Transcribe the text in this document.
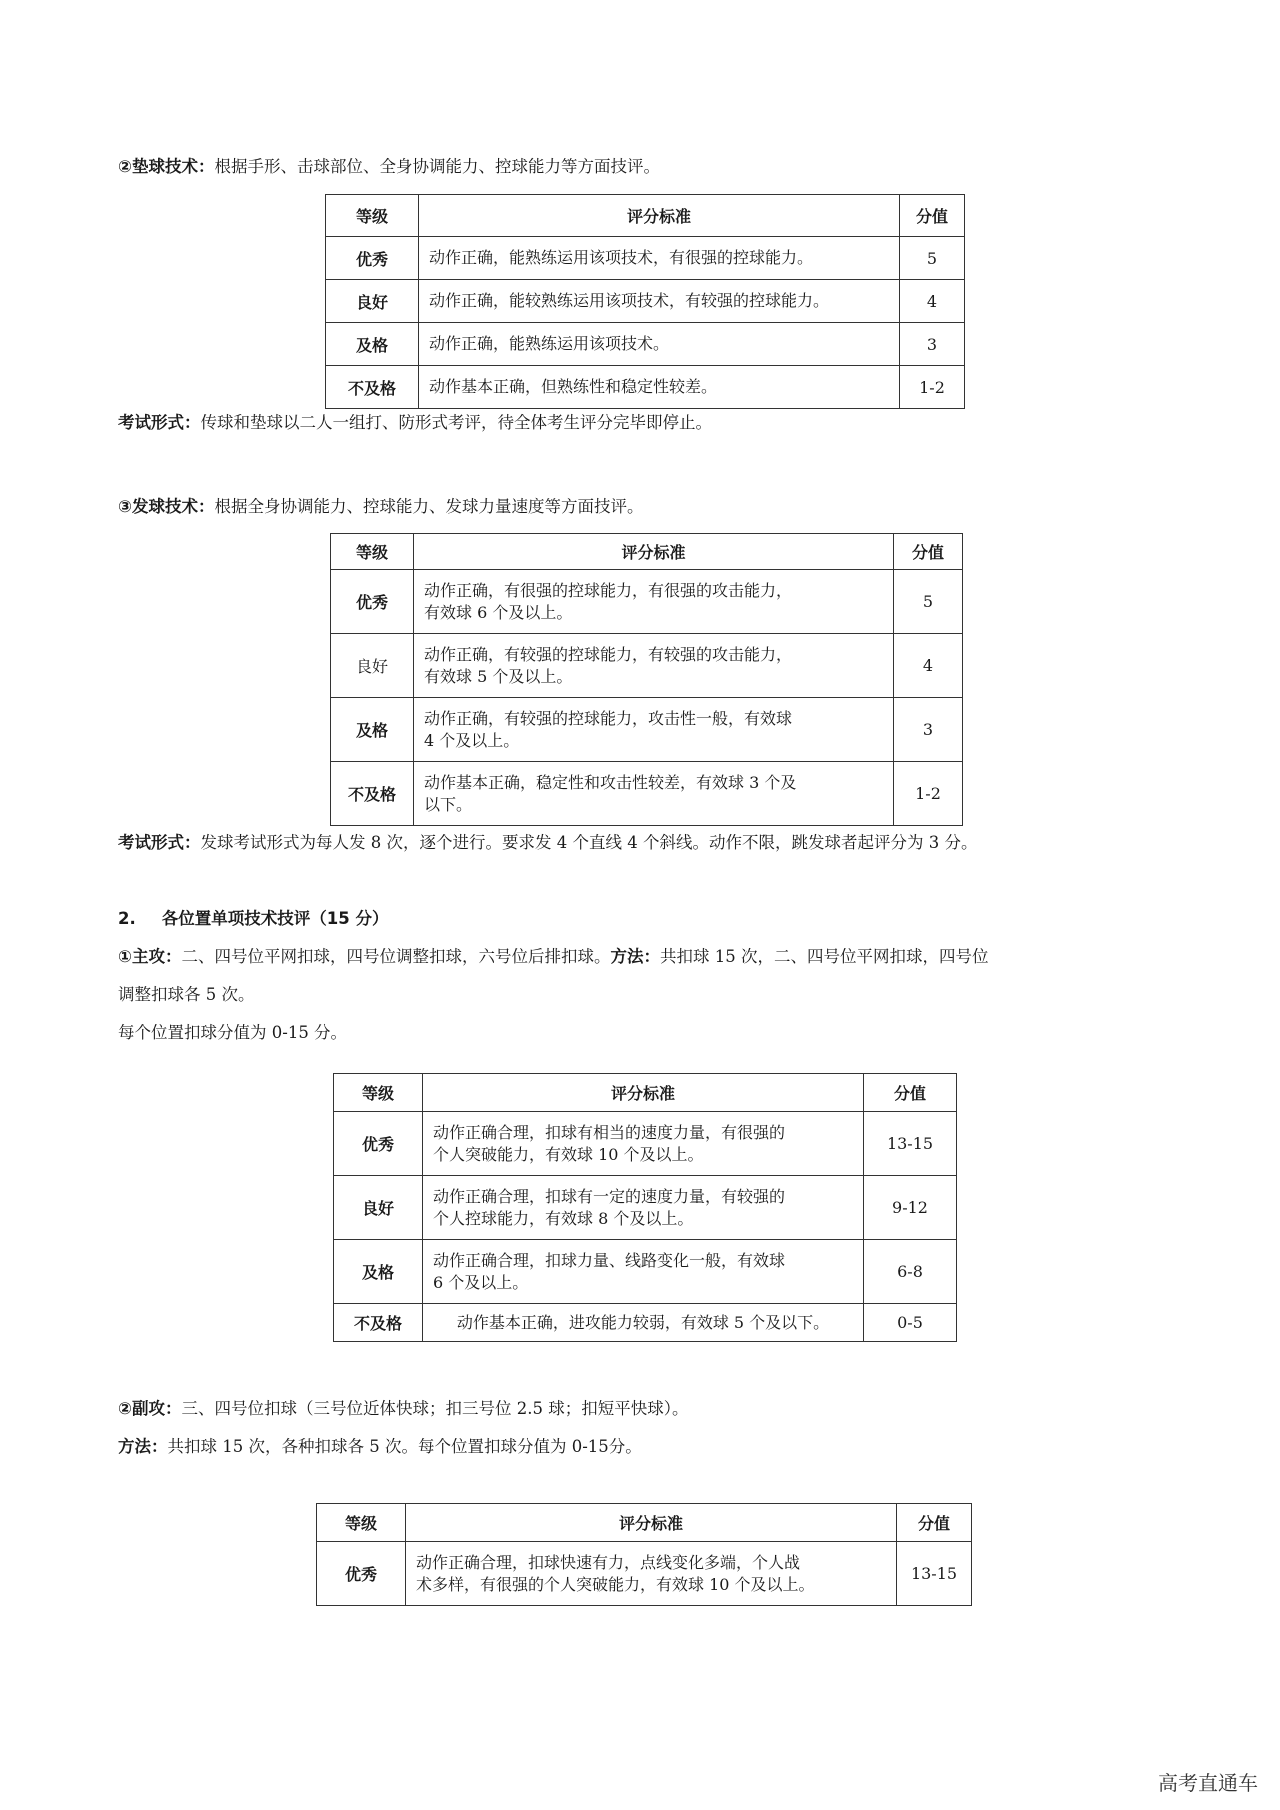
②垫球技术：根据手形、击球部位、全身协调能力、控球能力等方面技评。
等级	评分标准	分值
优秀	动作正确，能熟练运用该项技术，有很强的控球能力。	5
良好	动作正确，能较熟练运用该项技术，有较强的控球能力。	4
及格	动作正确，能熟练运用该项技术。	3
不及格	动作基本正确，但熟练性和稳定性较差。	1-2
考试形式：传球和垫球以二人一组打、防形式考评，待全体考生评分完毕即停止。
③发球技术：根据全身协调能力、控球能力、发球力量速度等方面技评。
等级	评分标准	分值
优秀	动作正确，有很强的控球能力，有很强的攻击能力，
有效球 6 个及以上。	5
良好	动作正确，有较强的控球能力，有较强的攻击能力，
有效球 5 个及以上。	4
及格	动作正确，有较强的控球能力，攻击性一般，有效球
4 个及以上。	3
不及格	动作基本正确，稳定性和攻击性较差，有效球 3 个及
以下。	1-2
考试形式：发球考试形式为每人发 8 次，逐个进行。要求发 4 个直线 4 个斜线。动作不限，跳发球者起评分为 3 分。
2. 各位置单项技术技评（15 分）
①主攻：二、四号位平网扣球，四号位调整扣球，六号位后排扣球。方法：共扣球 15 次，二、四号位平网扣球，四号位
调整扣球各 5 次。
每个位置扣球分值为 0-15 分。
等级	评分标准	分值
优秀	动作正确合理，扣球有相当的速度力量，有很强的
个人突破能力，有效球 10 个及以上。	13-15
良好	动作正确合理，扣球有一定的速度力量，有较强的
个人控球能力，有效球 8 个及以上。	9-12
及格	动作正确合理，扣球力量、线路变化一般，有效球
6 个及以上。	6-8
不及格	动作基本正确，进攻能力较弱，有效球 5 个及以下。	0-5
②副攻：三、四号位扣球（三号位近体快球；扣三号位 2.5 球；扣短平快球）。
方法：共扣球 15 次，各种扣球各 5 次。每个位置扣球分值为 0-15分。
等级	评分标准	分值
优秀	动作正确合理，扣球快速有力，点线变化多端，个人战
术多样，有很强的个人突破能力，有效球 10 个及以上。	13-15
高考直通车
